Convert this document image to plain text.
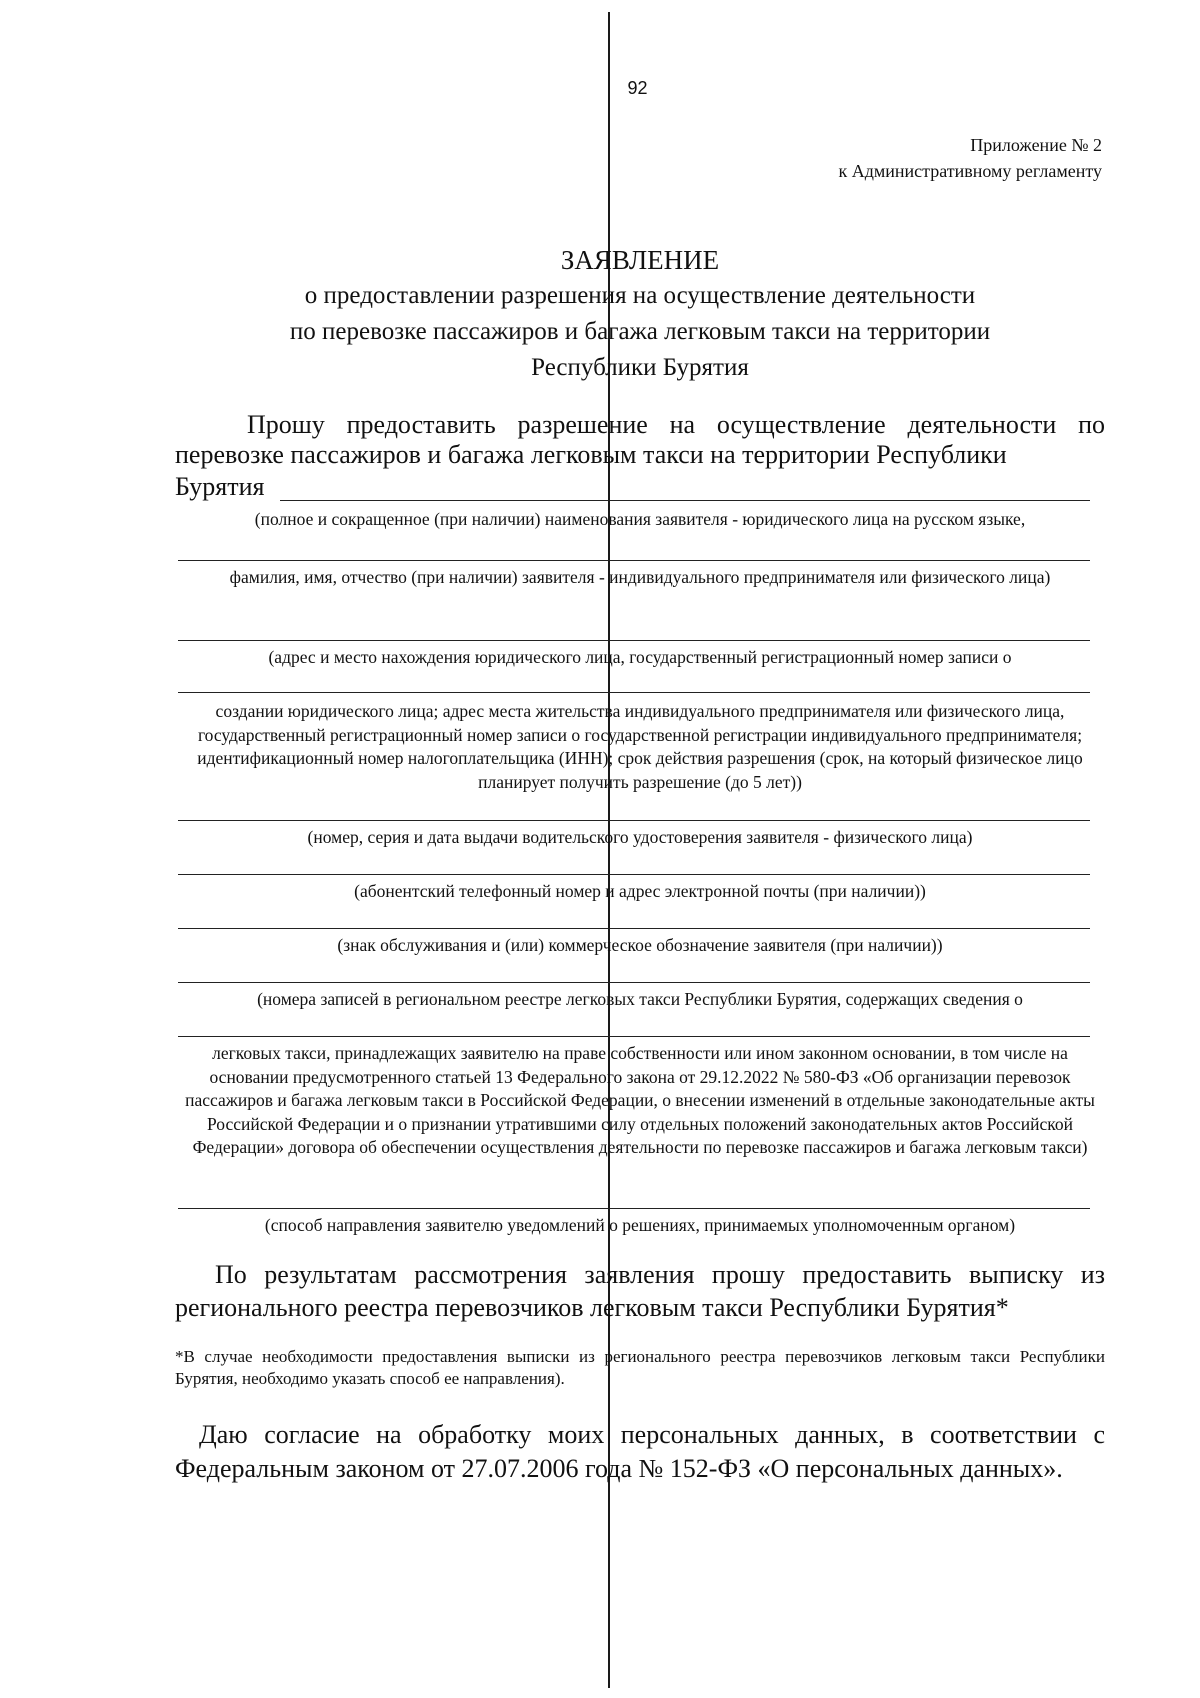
92
Приложение № 2
к Административному регламенту
ЗАЯВЛЕНИЕ
о предоставлении разрешения на осуществление деятельности
по перевозке пассажиров и багажа легковым такси на территории
Республики Бурятия
Прошу предоставить разрешение на осуществление деятельности по перевозке пассажиров и багажа легковым такси на территории Республики
Бурятия
(полное и сокращенное (при наличии) наименования заявителя - юридического лица на русском языке,
фамилия, имя, отчество (при наличии) заявителя - индивидуального предпринимателя или физического лица)
(адрес и место нахождения юридического лица, государственный регистрационный номер записи о
создании юридического лица; адрес места жительства индивидуального предпринимателя или физического лица, государственный регистрационный номер записи о государственной регистрации индивидуального предпринимателя; идентификационный номер налогоплательщика (ИНН); срок действия разрешения (срок, на который физическое лицо планирует получить разрешение (до 5 лет))
(номер, серия и дата выдачи водительского удостоверения заявителя - физического лица)
(абонентский телефонный номер и адрес электронной почты (при наличии))
(знак обслуживания и (или) коммерческое обозначение заявителя (при наличии))
(номера записей в региональном реестре легковых такси Республики Бурятия, содержащих сведения о
легковых такси, принадлежащих заявителю на праве собственности или ином законном основании, в том числе на основании предусмотренного статьей 13 Федерального закона от 29.12.2022 № 580-ФЗ «Об организации перевозок пассажиров и багажа легковым такси в Российской Федерации, о внесении изменений в отдельные законодательные акты Российской Федерации и о признании утратившими силу отдельных положений законодательных актов Российской Федерации» договора об обеспечении осуществления деятельности по перевозке пассажиров и багажа легковым такси)
(способ направления заявителю уведомлений о решениях, принимаемых уполномоченным органом)
По результатам рассмотрения заявления прошу предоставить выписку из регионального реестра перевозчиков легковым такси Республики Бурятия*
*В случае необходимости предоставления выписки из регионального реестра перевозчиков легковым такси Республики Бурятия, необходимо указать способ ее направления).
Даю согласие на обработку моих персональных данных, в соответствии с Федеральным законом от 27.07.2006 года № 152-ФЗ «О персональных данных».
